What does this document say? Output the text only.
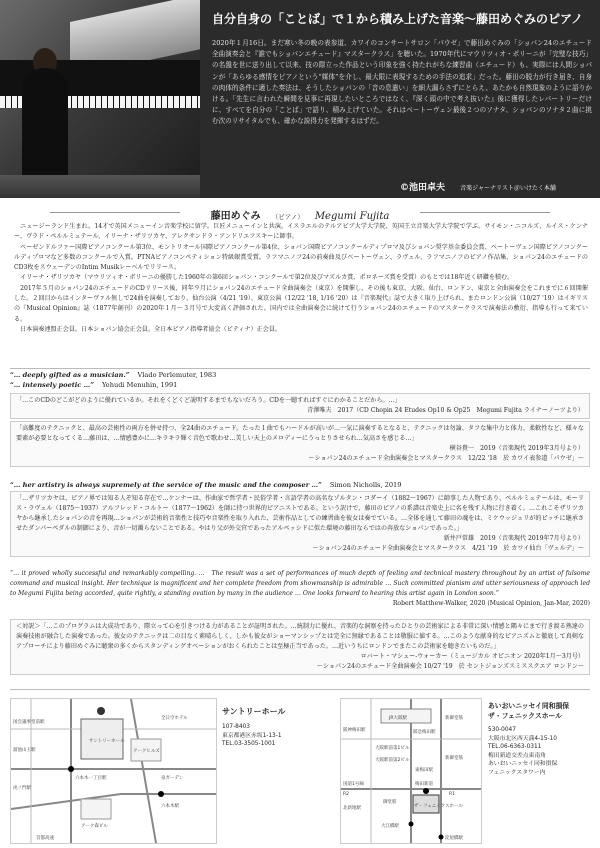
自分自身の「ことば」で１から積み上げた音楽～藤田めぐみのピアノ
2020年１月16日。まだ寒い冬の晩の表参道、カワイのコンサートサロン「パウゼ」で藤田めぐみの「ショパン24のエチュード全曲演奏会と『誰でもショパンエチュード』マスタークラス」を聴いた。1970年代にマウリツィオ・ポリーニが「完璧な技巧」の名盤を世に送り出して以来、技の際立った作品という印象を強く持たれがちな練習曲（エチュード）も、実際には人間ショパンが「あらゆる感情をピアノという“媒体”を介し、最大限に表現するための手法の追求」だった。藤田の脱力が行き届き、自身の肉体的条件に適した奏法は、そうしたショパンの「音の息遣い」を細大漏らさずにとらえ、あたかも自然現象のように語りかける。「先生に言われた瞬間を見事に再現したいところではなく、『深く頭の中で考え抜いた』後に獲得したレパートリーだけに、すべてを自分の「ことば」で語り、積み上げていた。それはベートーヴェン最後２つのソナタ、ショパンのソナタ２曲に挑む次のリサイタルでも、確かな説得力を発揮するはずだ。
©池田卓夫	音楽ジャーナリスト＠いけたく本舗
藤田めぐみ （ピアノ） Megumi Fujita

ニュージーランド生まれ。14才で英国メニューイン音楽学校に留学。巨匠メニューインと共演。イスラエルのテルアビブ大学大学院、英国王立音楽大学大学院で学ぶ。サイモン・ニコルズ、ルイス・ケンナー、ヴラド・ペルルミュテール、イリーナ・ザリツカヤ、アレクサンドラ・アンドリエフスキーに師事。

ベーゼンドルファー国際ピアノコンクール第3位、モントリオール国際ピアノコンクール第4位、ショパン国際ピアノコンクールディプロマ及びショパン奨学基金委員会賞、ベートーヴェン国際ピアノコンクールディプロマなど多数のコンクールで入賞。PTNAピアノコンペティション特級銀賞受賞。ラフマニノフ24の前奏曲及びベートーヴェン、ラヴェル、ラフマニノフのピアノ作品集、ショパン24のエチュードのCD3枚をスウェーデンのIntim Musikレーベルでリリース。

イリーナ・ザリツカヤ（マウリツィオ・ポリーニの優勝した1960年の第6回ショパン・コンクールで第2位及びマズルカ賞、ポロネーズ賞を受賞）のもとでは18年近く研鑽を積む。

2017年５月のショパン24のエチュードのCDリリース後、同年９月にショパン24のエチュード全曲演奏会（東京）を開催し、その後も東京、大阪、仙台、ロンドン、東京と全曲演奏会をこれまでに６回開催した。２回目からはインターヴァル無しで24曲を演奏しており、仙台公演（4/21 '19）、東京公演（12/22 '18, 1/16 '20）は『音楽現代』誌で大きく取り上げられ、またロンドン公演（10/27 '19）はイギリスの『Musical Opinion』誌（1877年創刊）の2020年１月～３月号で大変高く評価された。国内では全曲演奏会に続けて行うショパン24のエチュードのマスタークラスで演奏法の敷衍、指導も行って来ている。

日本演奏連盟正会員。日本ショパン協会正会員。全日本ピアノ指導者協会（ピティナ）正会員。

“… deeply gifted as a musician.” Vlado Perlemuter, 1983
“… intensely poetic …” Yehudi Menuhin, 1991
「…このCDのどこがどのように優れているか。それをくどくど説明するまでもないだろう。CDを一聴すればすぐにわかることだから。…」
青澤唯夫　2017（CD Chopin 24 Etudes Op10 & Op25　Megumi Fujita ライナーノーツより）
「高難度のテクニックと、最高の芸術性の両方を併せ持つ、全24曲のエチュード。たった１曲でもハードルが高いが…一気に演奏するとなると、テクニックは勿論、タフな集中力と体力、柔軟性など、様々な要素が必要となってくる…藤田は、…情感豊かに…キラキラ輝く音色で歌わせ…美しい天上のメロディーにうっとりさせられ…気高さを感じる…」
横谷貴一　2019（音楽現代 2019年3月号より）
～ショパン24のエチュード全曲演奏会とマスタークラス　12/22 '18　於 カワイ表参道「パウゼ」～
“… her artistry is always supremely at the service of the music and the composer …” Simon Nicholls, 2019
「…ザリツカヤは、ピアノ界では知る人ぞ知る存在で…ケンナーは、作曲家で哲学者・民俗学者・言語学者の高名なゾルタン・コダーイ（1882～1967）に師事した人物であり、ペルルミュテールは、モーリス・ラヴェル（1875～1937）アルフレッド・コルトー（1877～1962）を師に持つ世界的ピアニストである。という訳けで、藤田のピアノの系譜は音楽史上に名を残す人物に行き着く。…これこそザリツカヤから継承したショパンの音を再現…ショパンが芸術的音楽性と技巧や音楽性を取り入れた、芸術作品としての練習曲を彼女は奏でている。…全体を通して藤田の魂をは、ミケウッジェリが的ピッチに継承させたダンパーペダルの制御により、音が一切濁らないことである。やはり父が外交官であったアルペッシドに似た環境の藤田ならではの奔放なショパンであった。」
新井戸常雄　2019（音楽現代 2019年7月号より）
～ショパン24のエチュード全曲演奏会とマスタークラス　4/21 '19　於 カワイ仙台「ヴェルデ」～
“… it proved wholly successful and remarkably compelling. …　The result was a set of performances of much depth of feeling and technical mastery throughout by an artist of fulsome command and musical insight. Her technique is magnificent and her complete freedom from showmanship is admirable … Such committed pianism and utter seriousness of approach led to Megumi Fujita being accorded, quite rightly, a standing ovation by many in the audience … One looks forward to hearing this artist again in London soon.”
Robert Matthew-Walker, 2020 (Musical Opinion, Jan-Mar, 2020)
＜対訳＞「…このプログラムは大成功であり、際立って心を引きつける力があることが証明された。…統制力に優れ、音楽的な洞察を持ったひとりの芸術家による非常に深い情感と隅々にまで行き渡る熟達の演奏技術が融合した演奏であった。彼女のテクニックは二の目なく素晴らしく、しかも彼女がショーマンシップとは完全に無縁であることは敬服に値する。…このような献身的なピアニズムと徹底して真剣なアプローチにより藤田めぐみに聴衆の多くからスタンディングオベーションがおくられたことは至極正当であった。…近いうちにロンドンでまたこの芸術家を聴きたいものだ。」
ロバート・マシュー-ウォーカー（ミュージカル オピニオン 2020年1月～3月号）
～ショパン24のエチュード全曲演奏会 10/27 '19　於 セントジョンズスミススクエア ロンドン～
サントリーホール
アークヒルズ
全日空ホテル
六本木一丁目駅
溜池山王駅
国会議事堂前駅
虎ノ門駅
六本木駅
泉ガーデン
アーク森ビル
首都高速
サントリーホール
107-8403
東京都港区赤坂1-13-1
TEL.03-3505-1001
JR大阪駅
阪急梅田駅
阪神梅田駅
大阪駅前第1ビル
大阪駅前第2ビル
東梅田駅
梅田新道
御堂筋
国道1号線
ザ・フェニックスホール
大江橋駅
北新地駅
淀屋橋駅
新御堂筋
新御堂筋
R2	R1
あいおいニッセイ同和損保
ザ・フェニックスホール
530-0047
大阪市北区西天満4-15-10
TEL.06-6363-0311
梅田新道交差点東南角
あいおいニッセイ同和損保
フェニックスタワー内
